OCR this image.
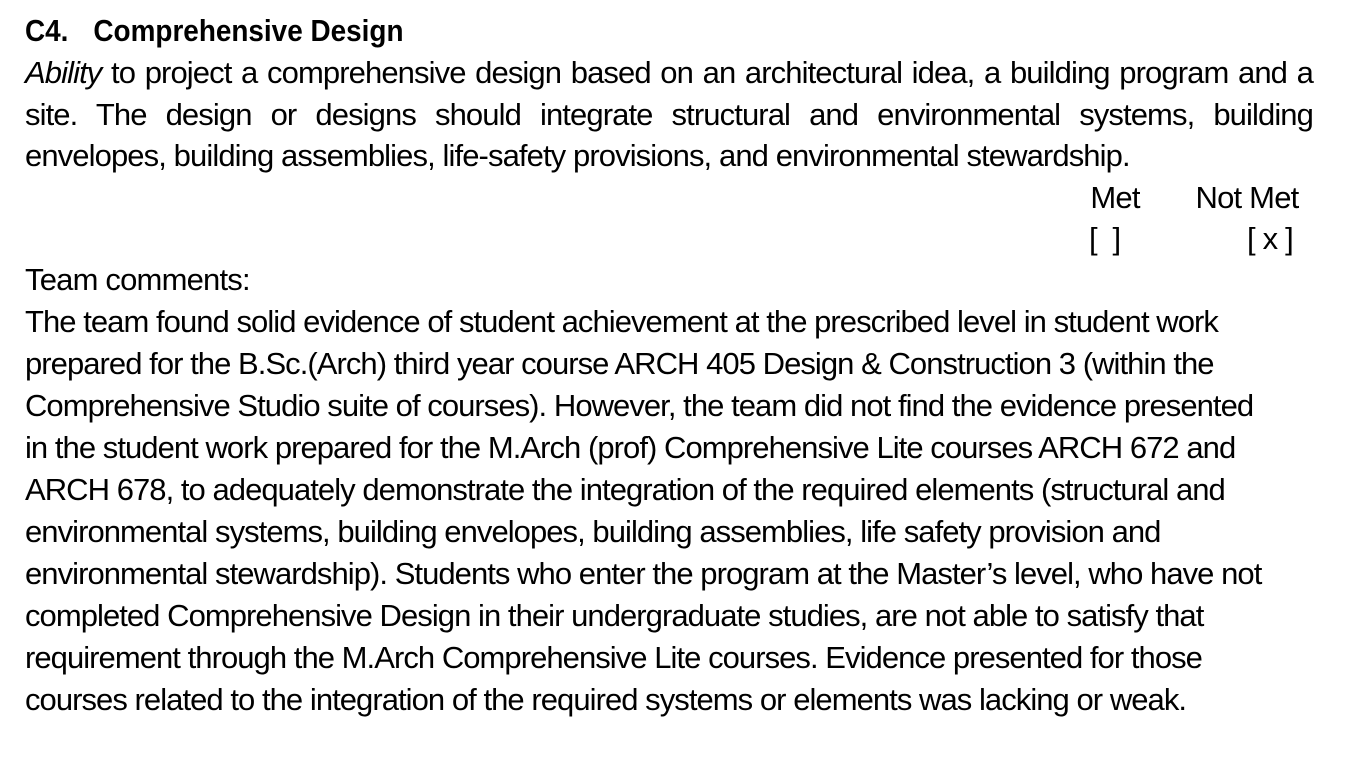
C4. Comprehensive Design
Ability to project a comprehensive design based on an architectural idea, a building program and a site. The design or designs should integrate structural and environmental systems, building envelopes, building assemblies, life-safety provisions, and environmental stewardship.
Met
[  ]
Not Met
[ x ]
Team comments:
The team found solid evidence of student achievement at the prescribed level in student work
prepared for the B.Sc.(Arch) third year course ARCH 405 Design & Construction 3 (within the
Comprehensive Studio suite of courses). However, the team did not find the evidence presented
in the student work prepared for the M.Arch (prof) Comprehensive Lite courses ARCH 672 and
ARCH 678, to adequately demonstrate the integration of the required elements (structural and
environmental systems, building envelopes, building assemblies, life safety provision and
environmental stewardship). Students who enter the program at the Master’s level, who have not
completed Comprehensive Design in their undergraduate studies, are not able to satisfy that
requirement through the M.Arch Comprehensive Lite courses. Evidence presented for those
courses related to the integration of the required systems or elements was lacking or weak.
